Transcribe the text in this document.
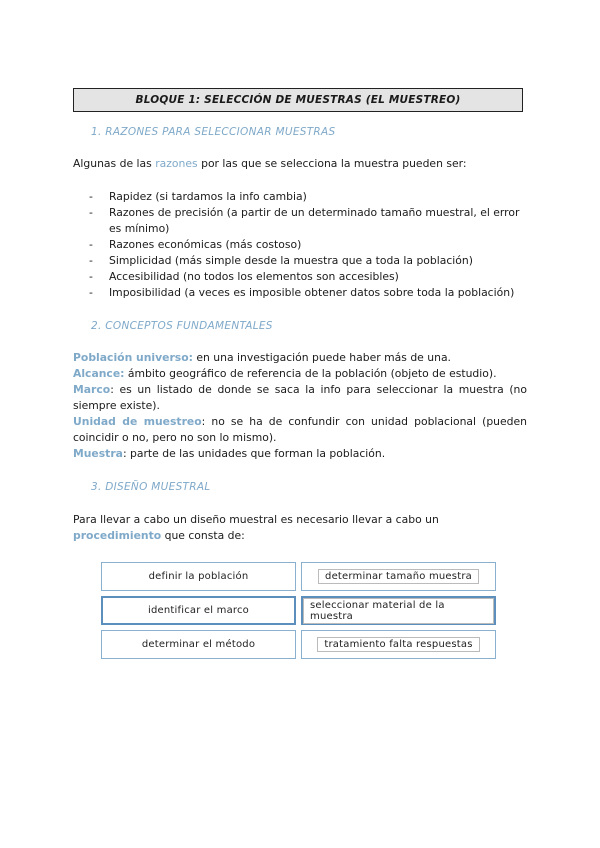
BLOQUE 1: SELECCIÓN DE MUESTRAS (EL MUESTREO)
1. RAZONES PARA SELECCIONAR MUESTRAS
Algunas de las razones por las que se selecciona la muestra pueden ser:
- Rapidez (si tardamos la info cambia)
- Razones de precisión (a partir de un determinado tamaño muestral, el error es mínimo)
- Razones económicas (más costoso)
- Simplicidad (más simple desde la muestra que a toda la población)
- Accesibilidad (no todos los elementos son accesibles)
- Imposibilidad (a veces es imposible obtener datos sobre toda la población)
2. CONCEPTOS FUNDAMENTALES

Población universo: en una investigación puede haber más de una.

Alcance: ámbito geográfico de referencia de la población (objeto de estudio).

Marco: es un listado de donde se saca la info para seleccionar la muestra (no siempre existe).

Unidad de muestreo: no se ha de confundir con unidad poblacional (pueden coincidir o no, pero no son lo mismo).

Muestra: parte de las unidades que forman la población.

3. DISEÑO MUESTRAL
Para llevar a cabo un diseño muestral es necesario llevar a cabo un procedimiento que consta de:
definir la población	determinar tamaño muestra
identificar el marco	seleccionar material de la muestra
determinar el método	tratamiento falta respuestas
